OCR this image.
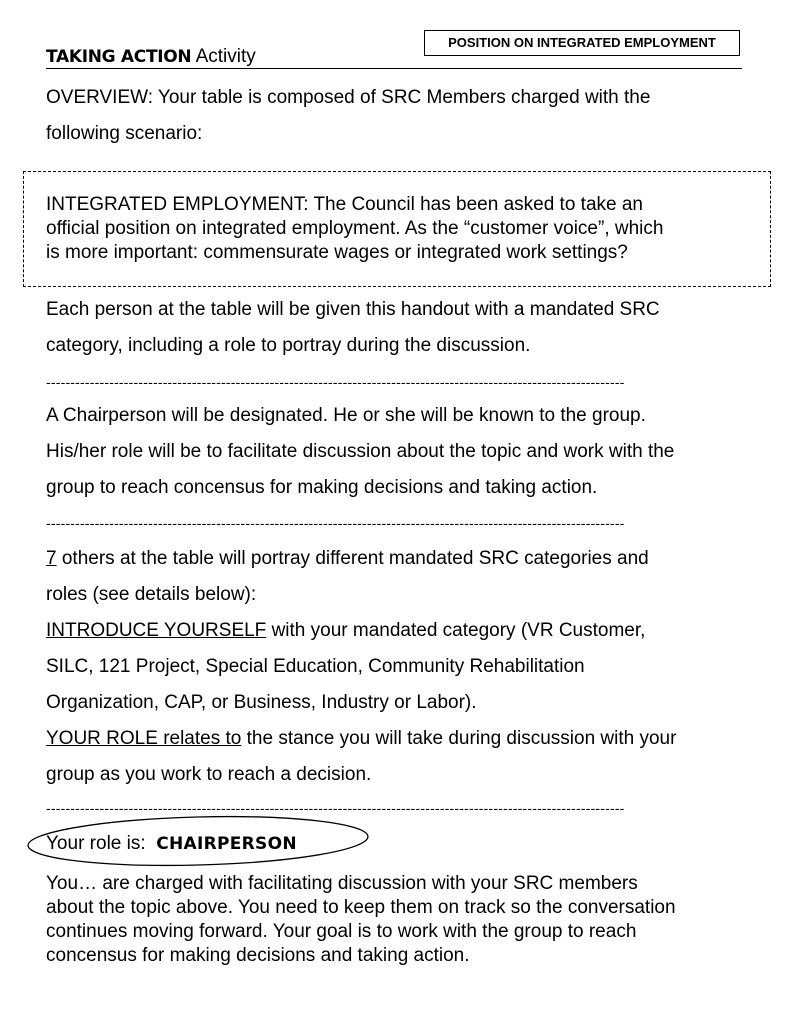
POSITION ON INTEGRATED EMPLOYMENT
TAKING ACTION Activity
OVERVIEW: Your table is composed of SRC Members charged with the
following scenario:
INTEGRATED EMPLOYMENT: The Council has been asked to take an
official position on integrated employment. As the “customer voice”, which
is more important: commensurate wages or integrated work settings?
Each person at the table will be given this handout with a mandated SRC
category, including a role to portray during the discussion.
-----------------------------------------------------------------------------------------------------------------------
A Chairperson will be designated. He or she will be known to the group.
His/her role will be to facilitate discussion about the topic and work with the
group to reach concensus for making decisions and taking action.
-----------------------------------------------------------------------------------------------------------------------
7 others at the table will portray different mandated SRC categories and
roles (see details below):
INTRODUCE YOURSELF with your mandated category (VR Customer,
SILC, 121 Project, Special Education, Community Rehabilitation
Organization, CAP, or Business, Industry or Labor).
YOUR ROLE relates to the stance you will take during discussion with your
group as you work to reach a decision.
-----------------------------------------------------------------------------------------------------------------------
Your role is: CHAIRPERSON
You… are charged with facilitating discussion with your SRC members
about the topic above. You need to keep them on track so the conversation
continues moving forward. Your goal is to work with the group to reach
concensus for making decisions and taking action.
